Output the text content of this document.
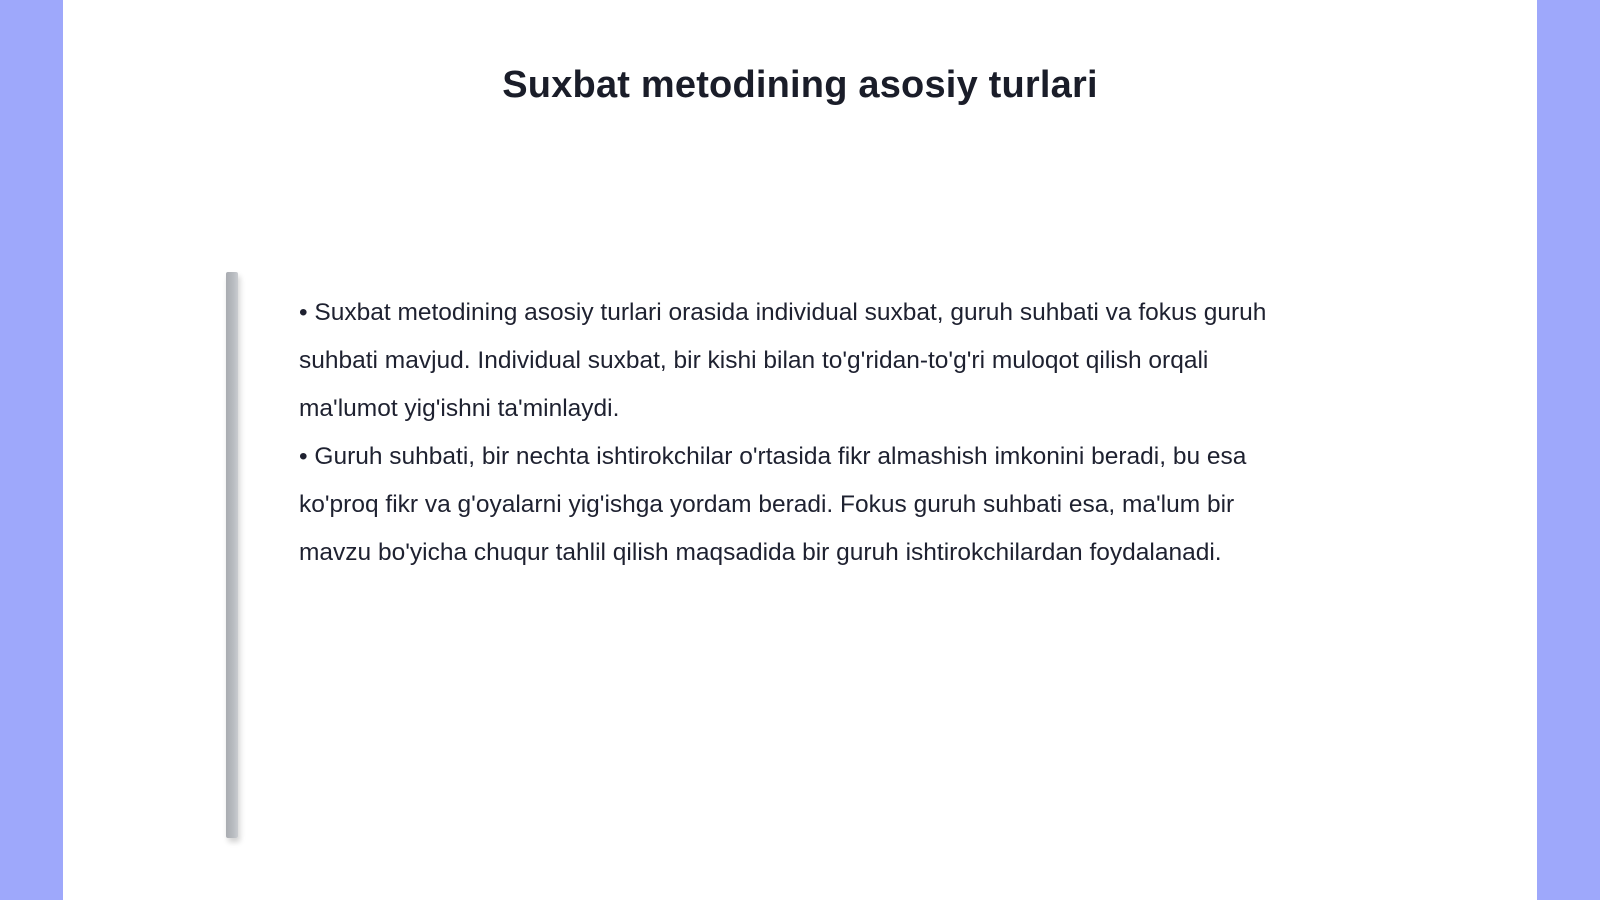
Suxbat metodining asosiy turlari

• Suxbat metodining asosiy turlari orasida individual suxbat, guruh suhbati va fokus guruh suhbati mavjud. Individual suxbat, bir kishi bilan to'g'ridan-to'g'ri muloqot qilish orqali ma'lumot yig'ishni ta'minlaydi.

• Guruh suhbati, bir nechta ishtirokchilar o'rtasida fikr almashish imkonini beradi, bu esa ko'proq fikr va g'oyalarni yig'ishga yordam beradi. Fokus guruh suhbati esa, ma'lum bir mavzu bo'yicha chuqur tahlil qilish maqsadida bir guruh ishtirokchilardan foydalanadi.
